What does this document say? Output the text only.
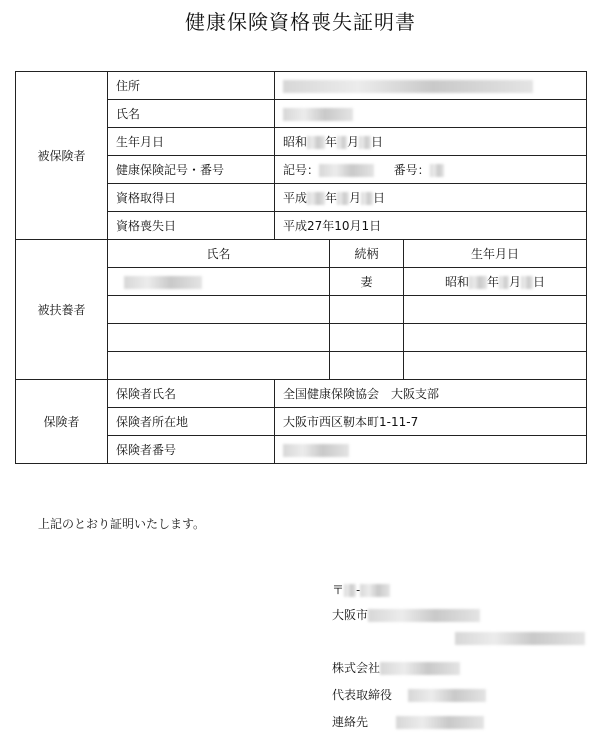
健康保険資格喪失証明書
被保険者	住所			
	氏名			
	生年月日	昭和 年 月 日		
	健康保険記号・番号	記号： 番号：		
	資格取得日	平成 年 月 日		
	資格喪失日	平成27年10月1日		
被扶養者	氏名		続柄	生年月日
			妻	昭和 年 月 日

保険者	保険者氏名	全国健康保険協会　大阪支部		
	保険者所在地	大阪市西区靭本町1-11-7		
	保険者番号			
上記のとおり証明いたします。
〒 -
大阪市
株式会社
代表取締役
連絡先
